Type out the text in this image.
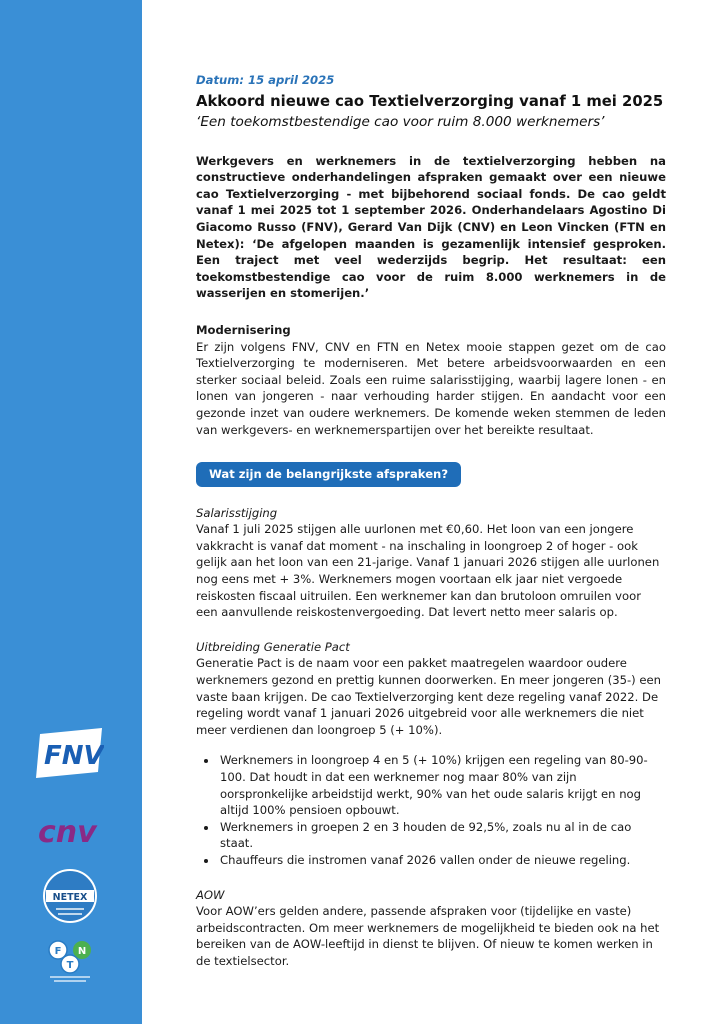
FNV
cnv
NETEX
F N
T

Datum: 15 april 2025

Akkoord nieuwe cao Textielverzorging vanaf 1 mei 2025

‘Een toekomstbestendige cao voor ruim 8.000 werknemers’

Werkgevers en werknemers in de textielverzorging hebben na constructieve onderhandelingen afspraken gemaakt over een nieuwe cao Textielverzorging - met bijbehorend sociaal fonds. De cao geldt vanaf 1 mei 2025 tot 1 september 2026. Onderhandelaars Agostino Di Giacomo Russo (FNV), Gerard Van Dijk (CNV) en Leon Vincken (FTN en Netex): ‘De afgelopen maanden is gezamenlijk intensief gesproken. Een traject met veel wederzijds begrip. Het resultaat: een toekomstbestendige cao voor de ruim 8.000 werknemers in de wasserijen en stomerijen.’

Modernisering

Er zijn volgens FNV, CNV en FTN en Netex mooie stappen gezet om de cao Textielverzorging te moderniseren. Met betere arbeidsvoorwaarden en een sterker sociaal beleid. Zoals een ruime salarisstijging, waarbij lagere lonen - en lonen van jongeren - naar verhouding harder stijgen. En aandacht voor een gezonde inzet van oudere werknemers. De komende weken stemmen de leden van werkgevers- en werknemerspartijen over het bereikte resultaat.

Wat zijn de belangrijkste afspraken?

Salarisstijging

Vanaf 1 juli 2025 stijgen alle uurlonen met €0,60. Het loon van een jongere vakkracht is vanaf dat moment - na inschaling in loongroep 2 of hoger - ook gelijk aan het loon van een 21-jarige. Vanaf 1 januari 2026 stijgen alle uurlonen nog eens met + 3%. Werknemers mogen voortaan elk jaar niet vergoede reiskosten fiscaal uitruilen. Een werknemer kan dan brutoloon omruilen voor een aanvullende reiskostenvergoeding. Dat levert netto meer salaris op.

Uitbreiding Generatie Pact

Generatie Pact is de naam voor een pakket maatregelen waardoor oudere werknemers gezond en prettig kunnen doorwerken. En meer jongeren (35-) een vaste baan krijgen. De cao Textielverzorging kent deze regeling vanaf 2022. De regeling wordt vanaf 1 januari 2026 uitgebreid voor alle werknemers die niet meer verdienen dan loongroep 5 (+ 10%).

• Werknemers in loongroep 4 en 5 (+ 10%) krijgen een regeling van 80-90-100. Dat houdt in dat een werknemer nog maar 80% van zijn oorspronkelijke arbeidstijd werkt, 90% van het oude salaris krijgt en nog altijd 100% pensioen opbouwt.
• Werknemers in groepen 2 en 3 houden de 92,5%, zoals nu al in de cao staat.
• Chauffeurs die instromen vanaf 2026 vallen onder de nieuwe regeling.

AOW

Voor AOW’ers gelden andere, passende afspraken voor (tijdelijke en vaste) arbeidscontracten. Om meer werknemers de mogelijkheid te bieden ook na het bereiken van de AOW-leeftijd in dienst te blijven. Of nieuw te komen werken in de textielsector.
